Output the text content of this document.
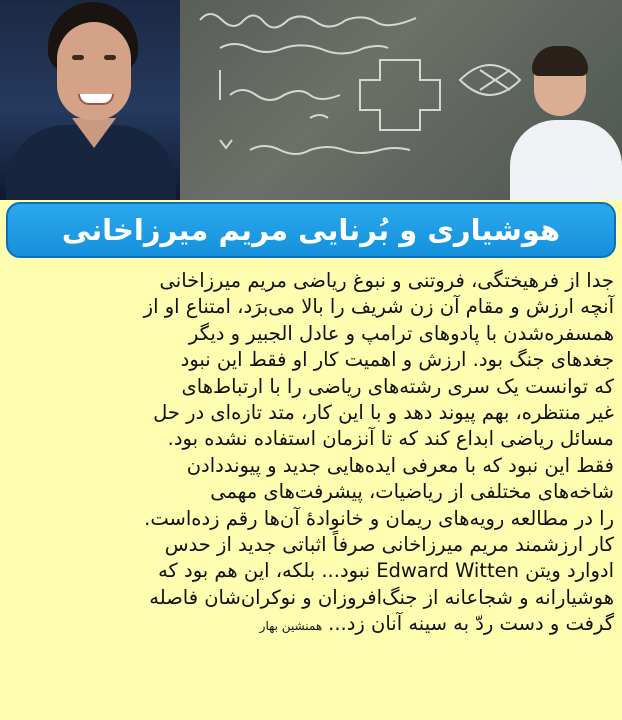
هوشیاری و بُرنایی مریم میرزاخانی
جدا از فرهیختگی، فروتنی و نبوغ ریاضی مریم میرزاخانی
آنچه ارزش و مقام آن زن شریف را بالا می‌برَد، امتناع او از
همسفره‌شدن با پادوهای ترامپ و عادل الجبیر و دیگر
جغدهای جنگ بود. ارزش و اهمیت کار او فقط این نبود
که توانست یک سری رشته‌های ریاضی را با ارتباط‌های
غیر منتظره، بهم پیوند دهد و با این کار، متد تازه‌ای در حل
مسائل ریاضی ابداع کند که تا آنزمان استفاده نشده بود.
فقط این نبود که با معرفی ایده‌هایی جدید و پیونددادن
شاخه‌های مختلفی از ریاضیات، پیشرفت‌های مهمی
را در مطالعه رویه‌های ریمان و خانوادهٔ آن‌ها رقم زده‌است.
کار ارزشمند مریم میرزاخانی صرفاً اثباتی جدید از حدس
ادوارد ویتن Edward Witten نبود... بلکه، این هم بود که
هوشیارانه و شجاعانه از جنگ‌افروزان و نوکران‌شان فاصله
گرفت و دست ردّ به سینه آنان زد...همنشین بهار
